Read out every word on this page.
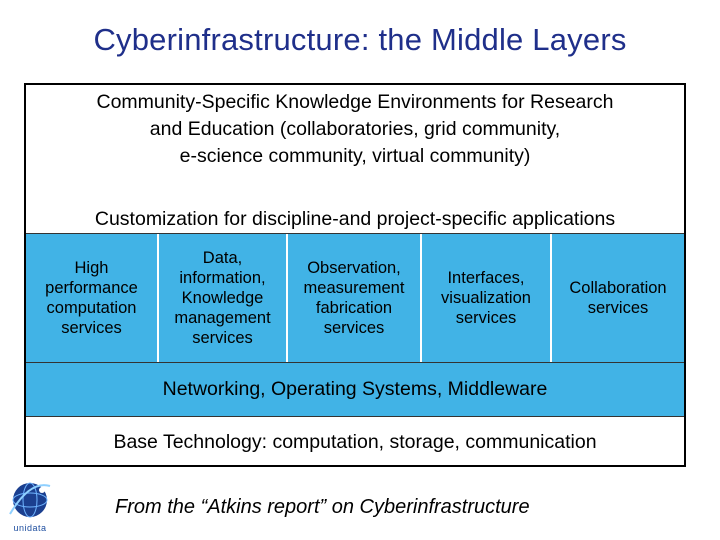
Cyberinfrastructure: the Middle Layers
Community-Specific Knowledge Environments for Research
and Education (collaboratories, grid community,
e-science community, virtual community)
Customization for discipline-and project-specific applications
High
performance
computation
services
Data,
information,
Knowledge
management
services
Observation,
measurement
fabrication
services
Interfaces,
visualization
services
Collaboration
services
Networking, Operating Systems, Middleware
Base Technology: computation, storage, communication
unidata
From the “Atkins report” on Cyberinfrastructure
